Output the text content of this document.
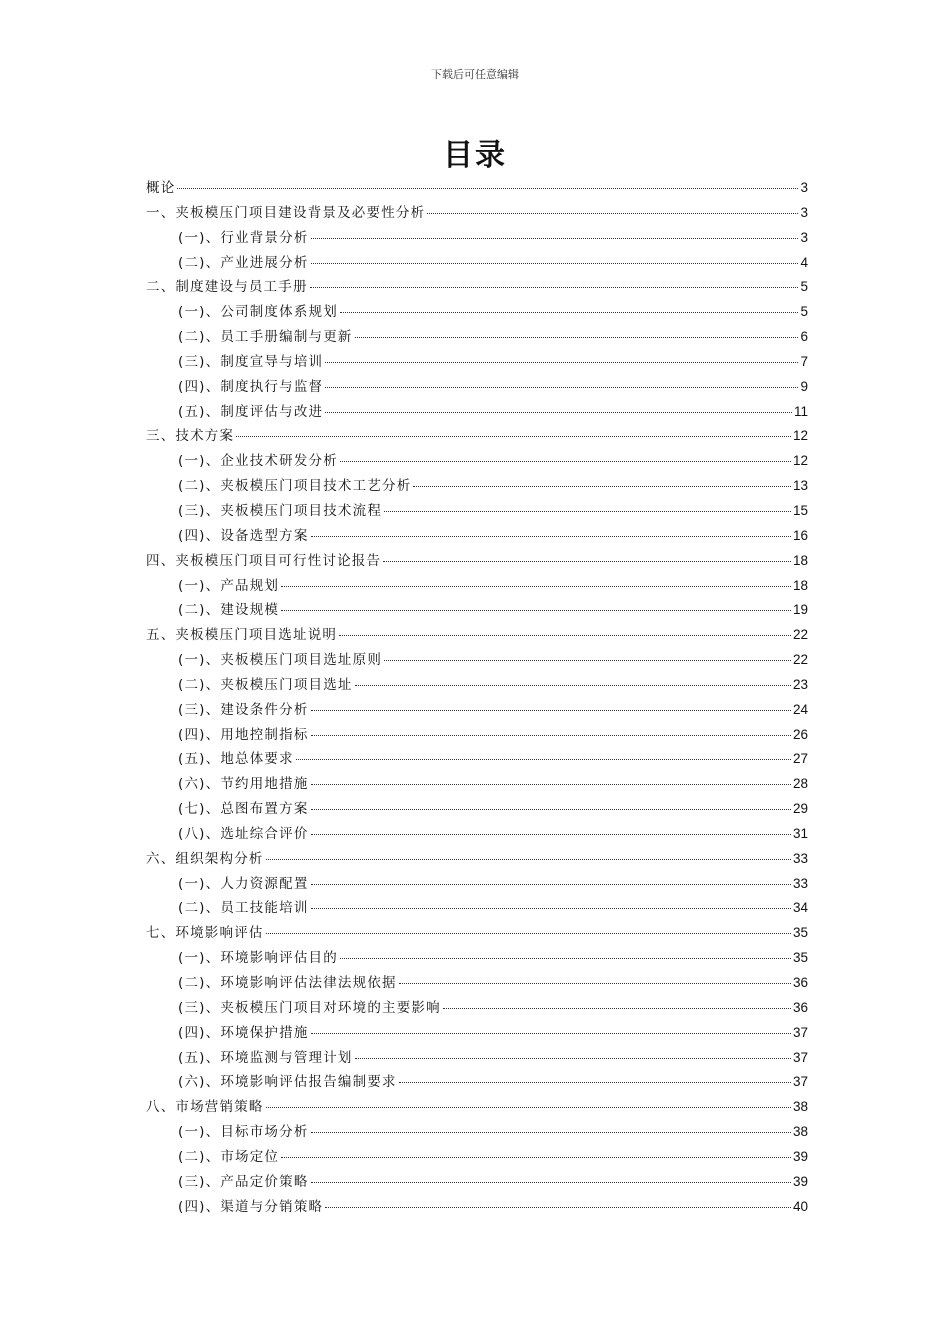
下载后可任意编辑
目录
概论	3
一、夹板模压门项目建设背景及必要性分析	3
(一)、行业背景分析	3
(二)、产业进展分析	4
二、制度建设与员工手册	5
(一)、公司制度体系规划	5
(二)、员工手册编制与更新	6
(三)、制度宣导与培训	7
(四)、制度执行与监督	9
(五)、制度评估与改进	11
三、技术方案	12
(一)、企业技术研发分析	12
(二)、夹板模压门项目技术工艺分析	13
(三)、夹板模压门项目技术流程	15
(四)、设备选型方案	16
四、夹板模压门项目可行性讨论报告	18
(一)、产品规划	18
(二)、建设规模	19
五、夹板模压门项目选址说明	22
(一)、夹板模压门项目选址原则	22
(二)、夹板模压门项目选址	23
(三)、建设条件分析	24
(四)、用地控制指标	26
(五)、地总体要求	27
(六)、节约用地措施	28
(七)、总图布置方案	29
(八)、选址综合评价	31
六、组织架构分析	33
(一)、人力资源配置	33
(二)、员工技能培训	34
七、环境影响评估	35
(一)、环境影响评估目的	35
(二)、环境影响评估法律法规依据	36
(三)、夹板模压门项目对环境的主要影响	36
(四)、环境保护措施	37
(五)、环境监测与管理计划	37
(六)、环境影响评估报告编制要求	37
八、市场营销策略	38
(一)、目标市场分析	38
(二)、市场定位	39
(三)、产品定价策略	39
(四)、渠道与分销策略	40
